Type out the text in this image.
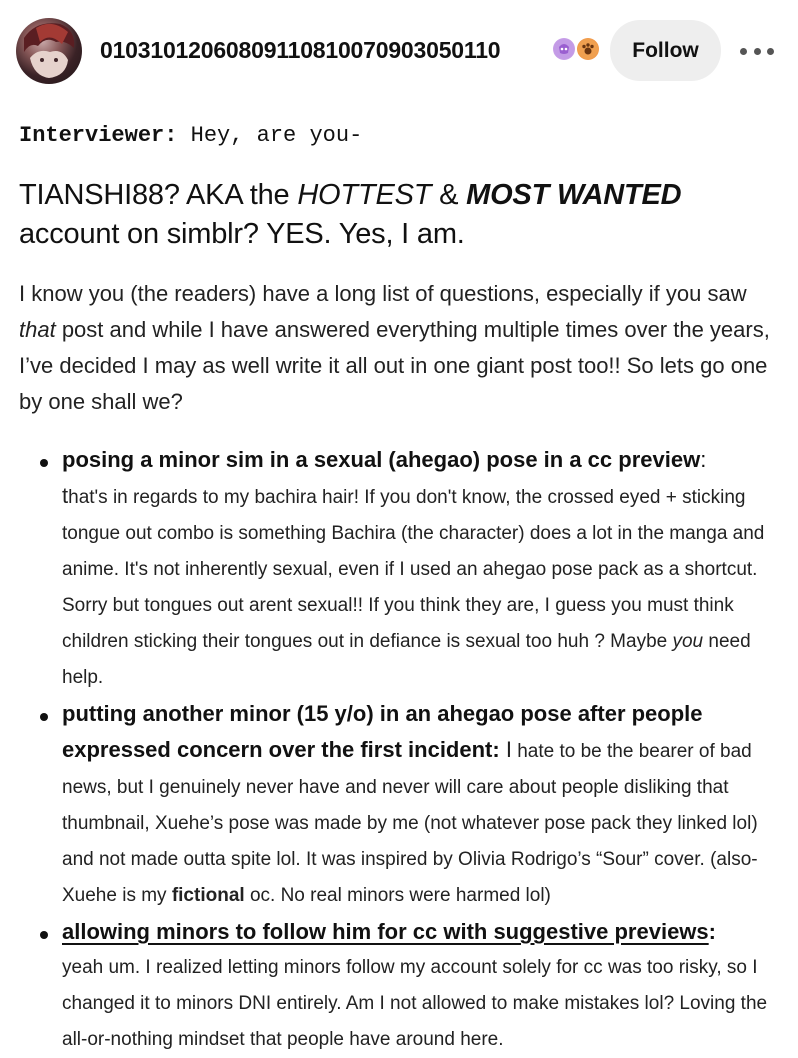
01031012060809110810070903050110	Follow

Interviewer: Hey, are you-

TIANSHI88? AKA the HOTTEST & MOST WANTED account on simblr? YES. Yes, I am.

I know you (the readers) have a long list of questions, especially if you saw that post and while I have answered everything multiple times over the years, I’ve decided I may as well write it all out in one giant post too!! So lets go one by one shall we?

posing a minor sim in a sexual (ahegao) pose in a cc preview:
that's in regards to my bachira hair! If you don't know, the crossed eyed + sticking tongue out combo is something Bachira (the character) does a lot in the manga and anime. It's not inherently sexual, even if I used an ahegao pose pack as a shortcut. Sorry but tongues out arent sexual!! If you think they are, I guess you must think children sticking their tongues out in defiance is sexual too huh ? Maybe you need help.
putting another minor (15 y/o) in an ahegao pose after people expressed concern over the first incident: I hate to be the bearer of bad news, but I genuinely never have and never will care about people disliking that thumbnail, Xuehe’s pose was made by me (not whatever pose pack they linked lol) and not made outta spite lol. It was inspired by Olivia Rodrigo’s “Sour” cover. (also- Xuehe is my fictional oc. No real minors were harmed lol)
allowing minors to follow him for cc with suggestive previews:
yeah um. I realized letting minors follow my account solely for cc was too risky, so I changed it to minors DNI entirely. Am I not allowed to make mistakes lol? Loving the all-or-nothing mindset that people have around here.
